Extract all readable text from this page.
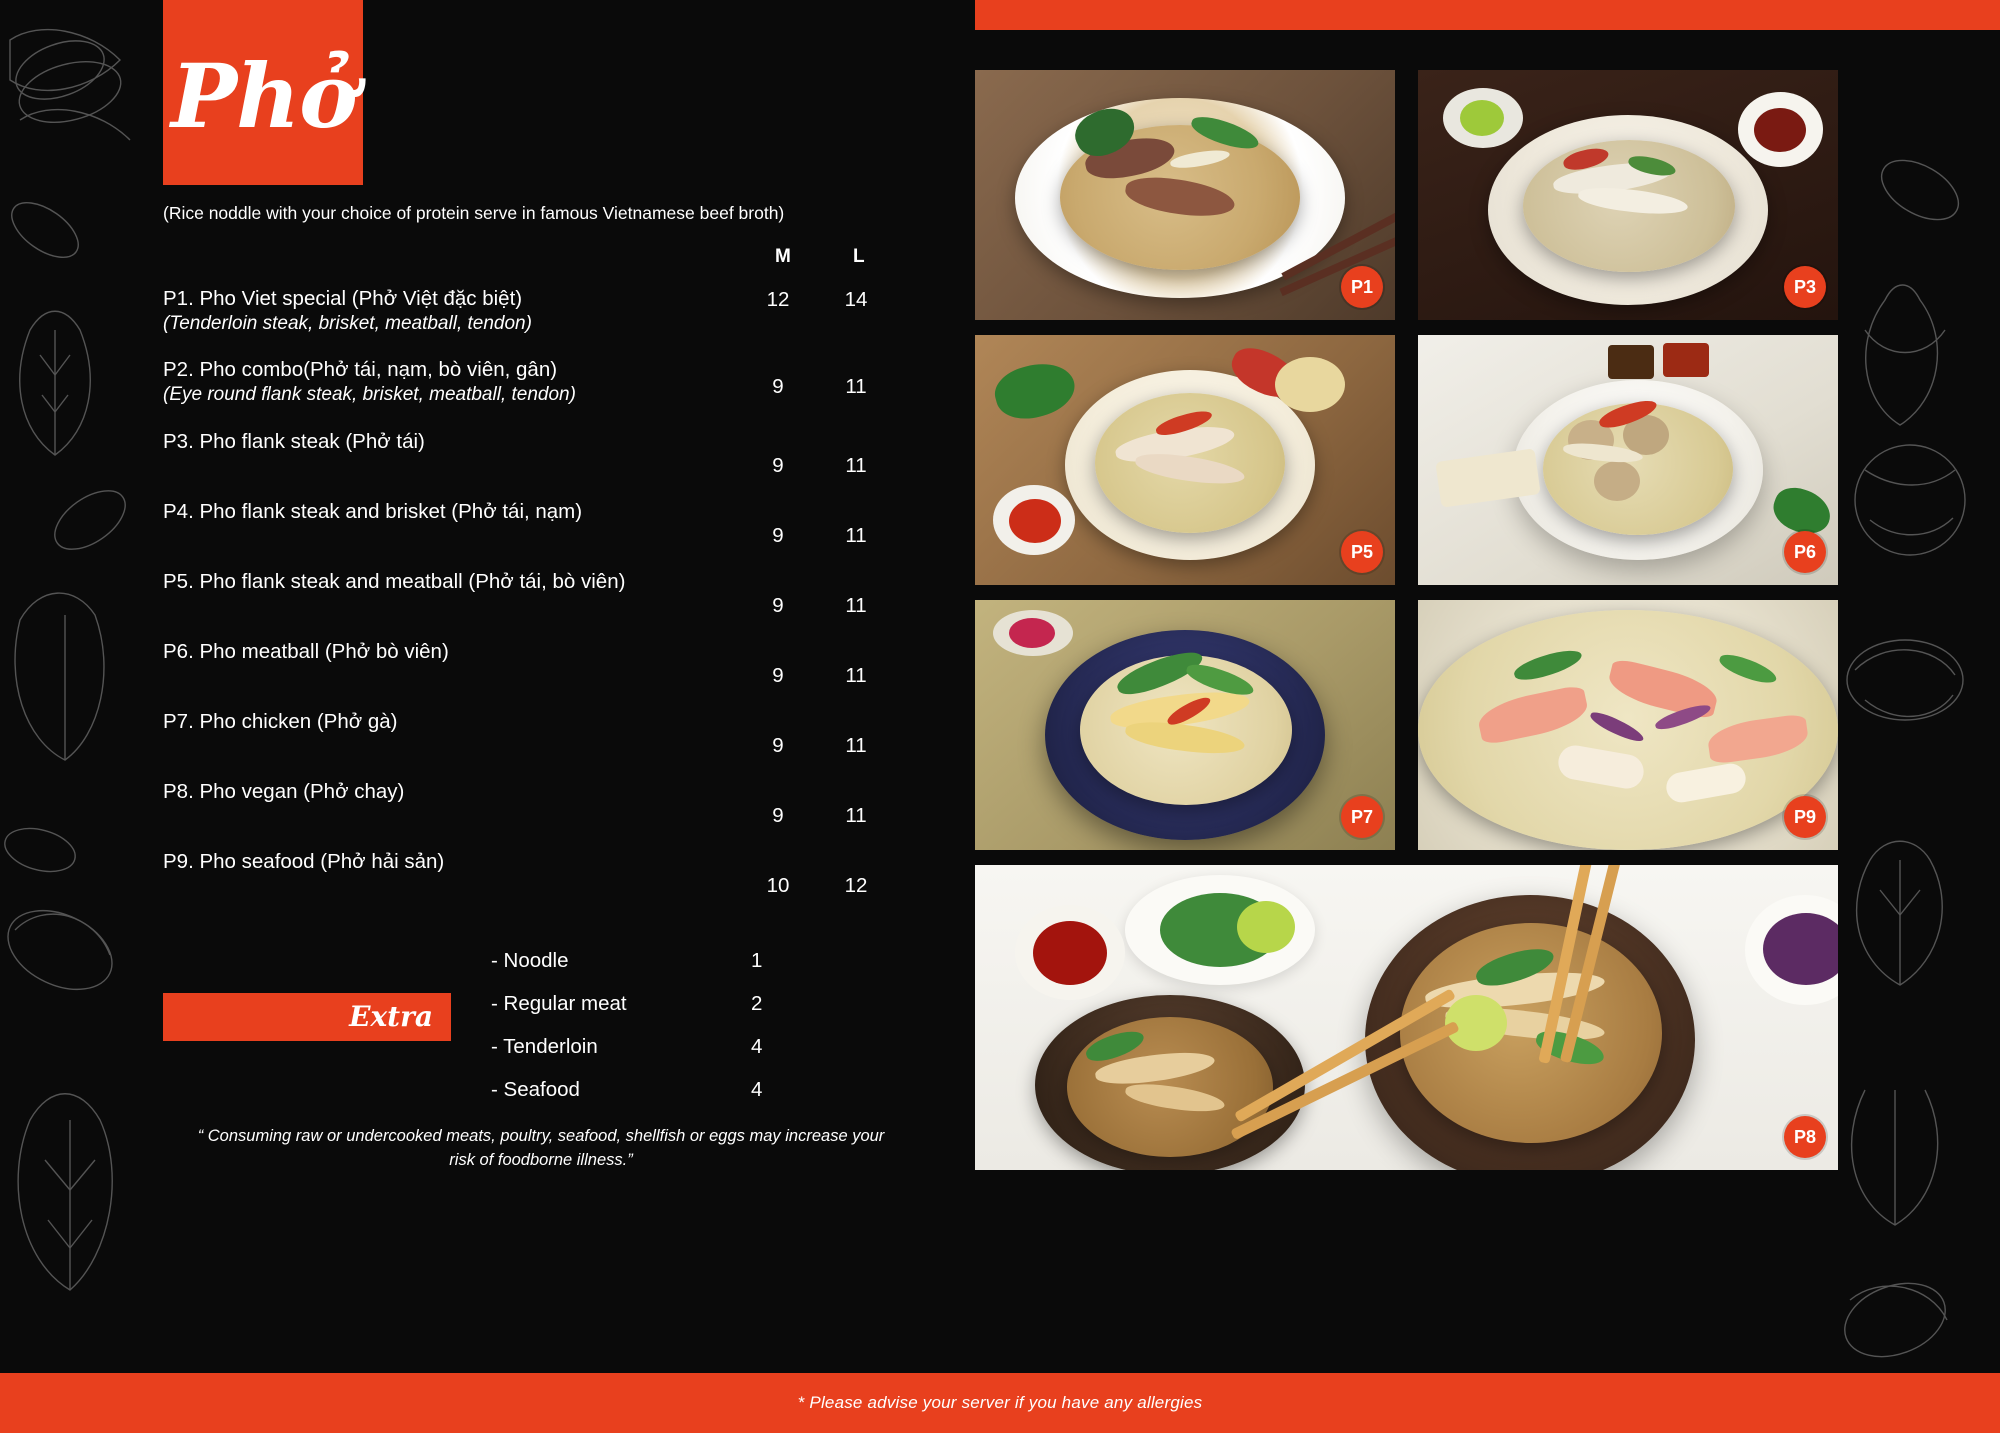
Phở
(Rice noddle with your choice of protein serve in famous Vietnamese beef broth)
M	L
P1. Pho Viet special (Phở Việt đặc biệt)
(Tenderloin steak, brisket, meatball, tendon)
12	14
P2. Pho combo(Phở tái, nạm, bò viên, gân)
(Eye round flank steak, brisket, meatball, tendon)	9	11
P3. Pho flank steak (Phở tái)
9	11
P4. Pho flank steak and brisket (Phở tái, nạm)
9	11
P5. Pho flank steak and meatball (Phở tái, bò viên)
9	11
P6. Pho meatball (Phở bò viên)
9	11
P7. Pho chicken (Phở gà)
9	11
P8. Pho vegan (Phở chay)
9	11
P9. Pho seafood (Phở hải sản)
10	12
Extra
- Noodle	1
- Regular meat	2
- Tenderloin	4
- Seafood	4
“ Consuming raw or undercooked meats, poultry, seafood, shellfish or eggs may increase your risk of foodborne illness.”
P1	P3
P5	P6
P7	P9
P8
* Please advise your server if you have any allergies
